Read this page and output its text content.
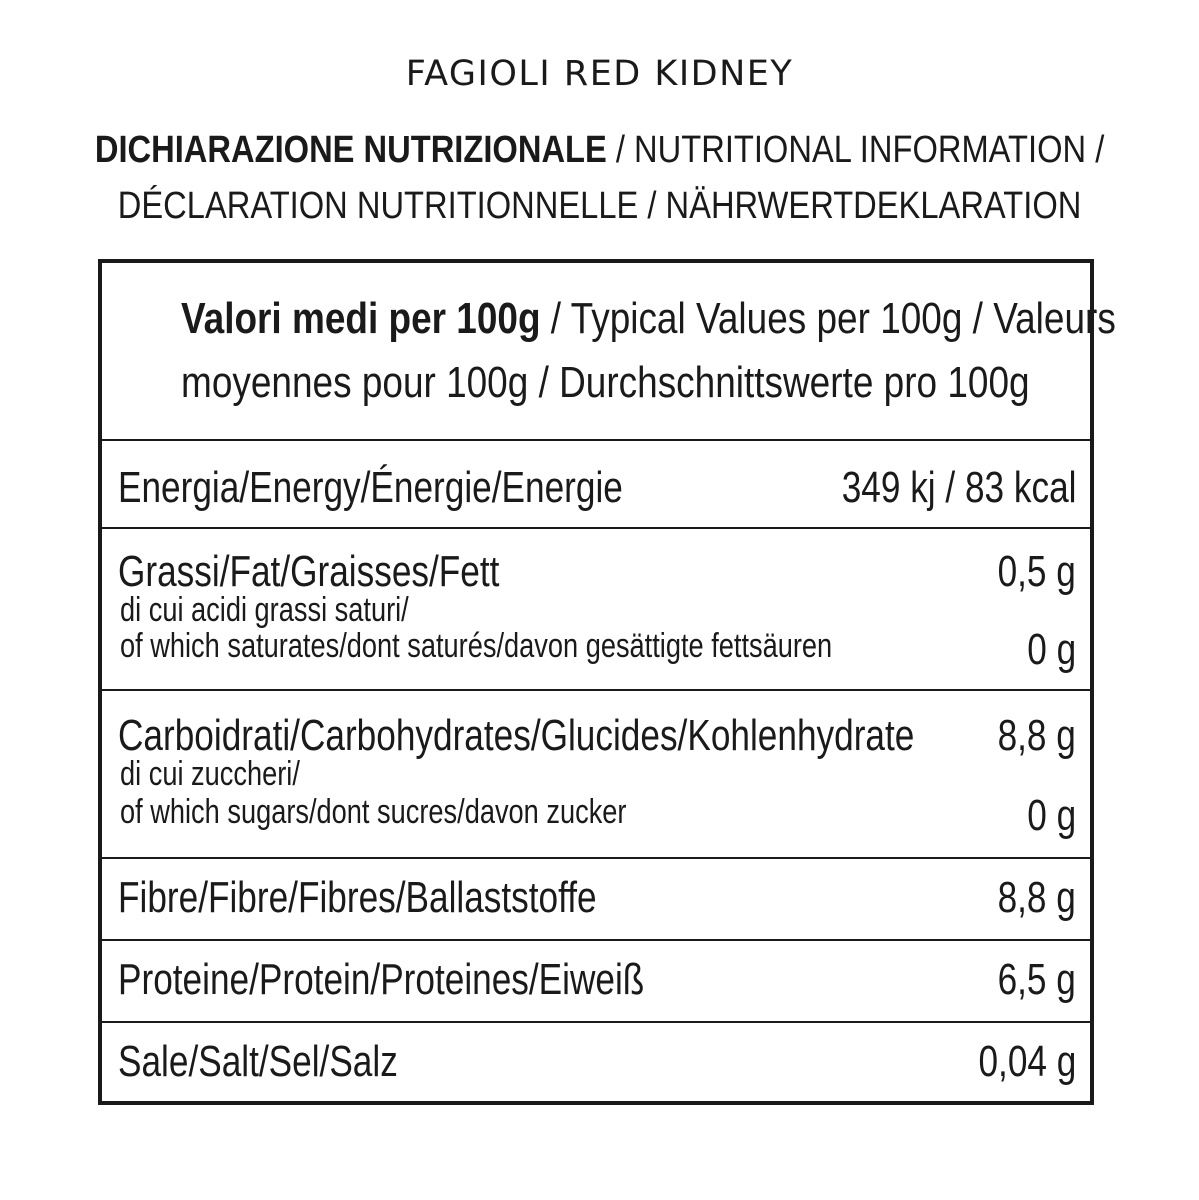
FAGIOLI RED KIDNEY
DICHIARAZIONE NUTRIZIONALE / NUTRITIONAL INFORMATION /
DÉCLARATION NUTRITIONNELLE / NÄHRWERTDEKLARATION
Valori medi per 100g / Typical Values per 100g / Valeurs
moyennes pour 100g / Durchschnittswerte pro 100g
Energia/Energy/Énergie/Energie	349 kj / 83 kcal
Grassi/Fat/Graisses/Fett	0,5 g
di cui acidi grassi saturi/
of which saturates/dont saturés/davon gesättigte fettsäuren	0 g
Carboidrati/Carbohydrates/Glucides/Kohlenhydrate	8,8 g
di cui zuccheri/
of which sugars/dont sucres/davon zucker	0 g
Fibre/Fibre/Fibres/Ballaststoffe	8,8 g
Proteine/Protein/Proteines/Eiweiß	6,5 g
Sale/Salt/Sel/Salz	0,04 g
